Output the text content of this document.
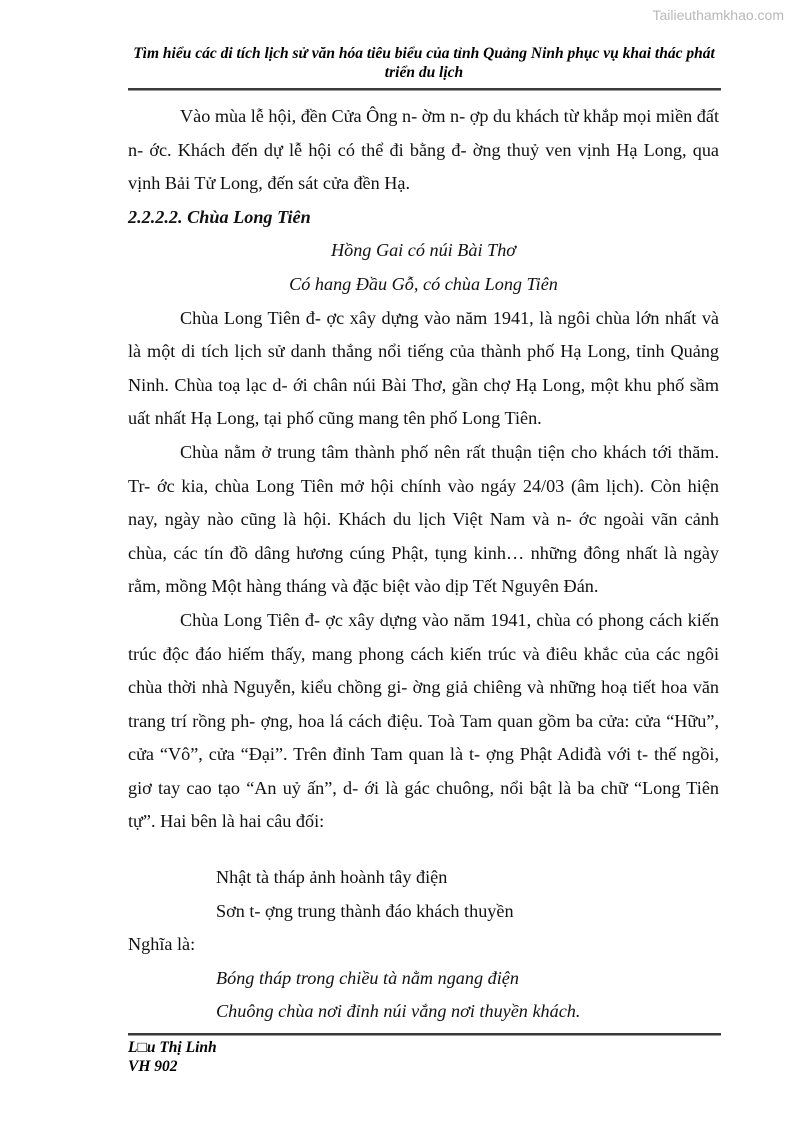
Tailieuthamkhao.com
Tìm hiểu các di tích lịch sử văn hóa tiêu biểu của tỉnh Quảng Ninh phục vụ khai thác phát triển du lịch

Vào mùa lễ hội, đền Cửa Ông n- ờm n- ợp du khách từ khắp mọi miền đất n- ớc. Khách đến dự lễ hội có thể đi bằng đ- ờng thuỷ ven vịnh Hạ Long, qua vịnh Bải Tử Long, đến sát cửa đền Hạ.

2.2.2.2. Chùa Long Tiên

Hồng Gai có núi Bài Thơ

Có hang Đầu Gỗ, có chùa Long Tiên

Chùa Long Tiên đ- ợc xây dựng vào năm 1941, là ngôi chùa lớn nhất và là một di tích lịch sử danh thắng nổi tiếng của thành phố Hạ Long, tỉnh Quảng Ninh. Chùa toạ lạc d- ới chân núi Bài Thơ, gần chợ Hạ Long, một khu phố sầm uất nhất Hạ Long, tại phố cũng mang tên phố Long Tiên.

Chùa nằm ở trung tâm thành phố nên rất thuận tiện cho khách tới thăm. Tr- ớc kia, chùa Long Tiên mở hội chính vào ngáy 24/03 (âm lịch). Còn hiện nay, ngày nào cũng là hội. Khách du lịch Việt Nam và n- ớc ngoài vãn cảnh chùa, các tín đồ dâng hương cúng Phật, tụng kinh… những đông nhất là ngày rằm, mồng Một hàng tháng và đặc biệt vào dịp Tết Nguyên Đán.

Chùa Long Tiên đ- ợc xây dựng vào năm 1941, chùa có phong cách kiến trúc độc đáo hiếm thấy, mang phong cách kiến trúc và điêu khắc của các ngôi chùa thời nhà Nguyễn, kiểu chồng gi- ờng giả chiêng và những hoạ tiết hoa văn trang trí rồng ph- ợng, hoa lá cách điệu. Toà Tam quan gồm ba cửa: cửa “Hữu”, cửa “Vô”, cửa “Đại”. Trên đỉnh Tam quan là t- ợng Phật Adiđà với t- thế ngồi, giơ tay cao tạo “An uỷ ấn”, d- ới là gác chuông, nổi bật là ba chữ “Long Tiên tự”. Hai bên là hai câu đối:

Nhật tà tháp ảnh hoành tây điện

Sơn t- ợng trung thành đáo khách thuyền

Nghĩa là:

Bóng tháp trong chiều tà nằm ngang điện

Chuông chùa nơi đỉnh núi vắng nơi thuyền khách.

L□u Thị Linh
VH 902
